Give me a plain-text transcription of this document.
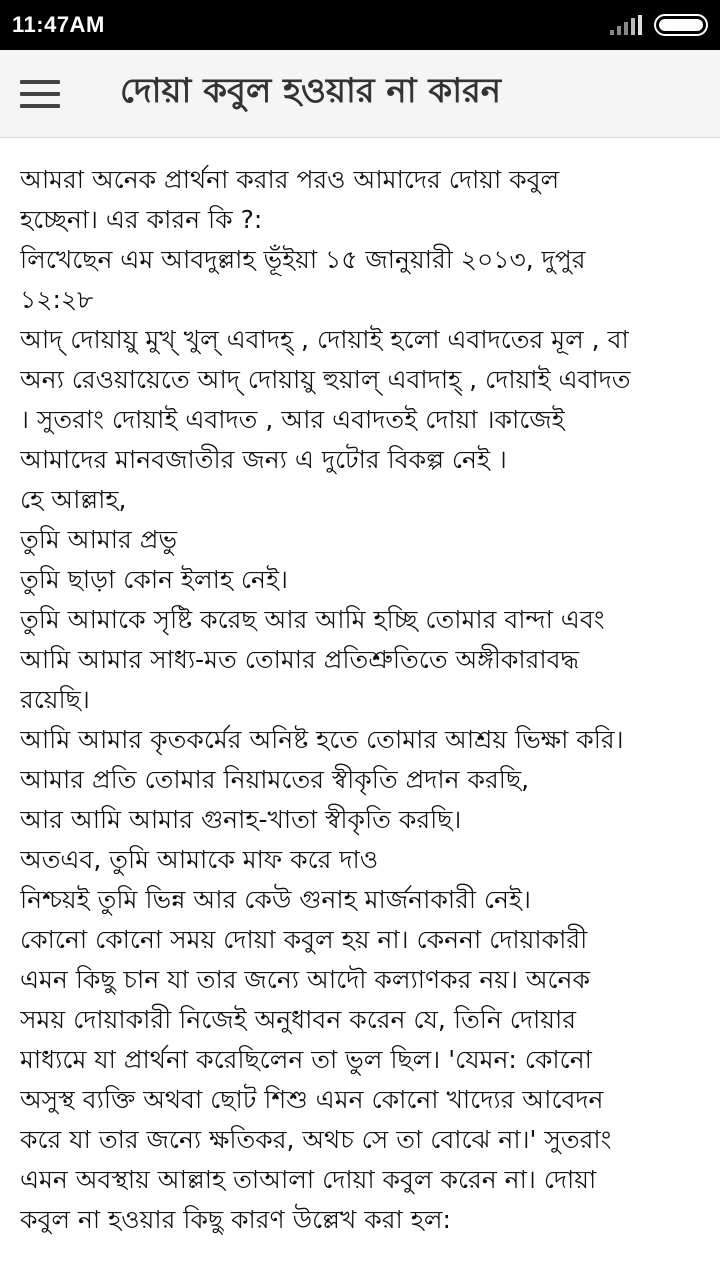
11:47AM
দোয়া কবুল হওয়ার না কারন

আমরা অনেক প্রার্থনা করার পরও আমাদের দোয়া কবুল

হচ্ছেনা। এর কারন কি ?:

লিখেছেন এম আবদুল্লাহ ভূঁইয়া ১৫ জানুয়ারী ২০১৩, দুপুর

১২:২৮

আদ্ দোয়ায়ু মুখ্ খুল্ এবাদহ্ , দোয়াই হলো এবাদতের মূল , বা

অন্য রেওয়ায়েতে আদ্ দোয়ায়ু হুয়াল্ এবাদাহ্ , দোয়াই এবাদত

। সুতরাং দোয়াই এবাদত , আর এবাদতই দোয়া ।কাজেই

আমাদের মানবজাতীর জন্য এ দুটোর বিকল্প নেই ।

হে আল্লাহ,

তুমি আমার প্রভু

তুমি ছাড়া কোন ইলাহ নেই।

তুমি আমাকে সৃষ্টি করেছ আর আমি হচ্ছি তোমার বান্দা এবং

আমি আমার সাধ্য-মত তোমার প্রতিশ্রুতিতে অঙ্গীকারাবদ্ধ

রয়েছি।

আমি আমার কৃতকর্মের অনিষ্ট হতে তোমার আশ্রয় ভিক্ষা করি।

আমার প্রতি তোমার নিয়ামতের স্বীকৃতি প্রদান করছি,

আর আমি আমার গুনাহ-খাতা স্বীকৃতি করছি।

অতএব, তুমি আমাকে মাফ করে দাও

নিশ্চয়ই তুমি ভিন্ন আর কেউ গুনাহ মার্জনাকারী নেই।

কোনো কোনো সময় দোয়া কবুল হয় না। কেননা দোয়াকারী

এমন কিছু চান যা তার জন্যে আদৌ কল্যাণকর নয়। অনেক

সময় দোয়াকারী নিজেই অনুধাবন করেন যে, তিনি দোয়ার

মাধ্যমে যা প্রার্থনা করেছিলেন তা ভুল ছিল। 'যেমন: কোনো

অসুস্থ ব্যক্তি অথবা ছোট শিশু এমন কোনো খাদ্যের আবেদন

করে যা তার জন্যে ক্ষতিকর, অথচ সে তা বোঝে না।' সুতরাং

এমন অবস্থায় আল্লাহ তাআলা দোয়া কবুল করেন না। দোয়া

কবুল না হওয়ার কিছু কারণ উল্লেখ করা হল:
